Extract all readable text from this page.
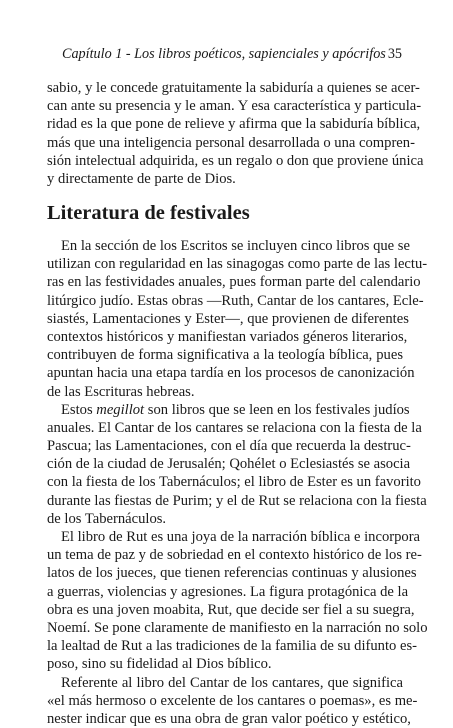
Capítulo 1 - Los libros poéticos, sapienciales y apócrifos 35
sabio, y le concede gratuitamente la sabiduría a quienes se acer-
can ante su presencia y le aman. Y esa característica y particula-
ridad es la que pone de relieve y afirma que la sabiduría bíblica,
más que una inteligencia personal desarrollada o una compren-
sión intelectual adquirida, es un regalo o don que proviene única
y directamente de parte de Dios.
Literatura de festivales
En la sección de los Escritos se incluyen cinco libros que se
utilizan con regularidad en las sinagogas como parte de las lectu-
ras en las festividades anuales, pues forman parte del calendario
litúrgico judío. Estas obras —Ruth, Cantar de los cantares, Ecle-
siastés, Lamentaciones y Ester—, que provienen de diferentes
contextos históricos y manifiestan variados géneros literarios,
contribuyen de forma significativa a la teología bíblica, pues
apuntan hacia una etapa tardía en los procesos de canonización
de las Escrituras hebreas.
Estos megillot son libros que se leen en los festivales judíos
anuales. El Cantar de los cantares se relaciona con la fiesta de la
Pascua; las Lamentaciones, con el día que recuerda la destruc-
ción de la ciudad de Jerusalén; Qohélet o Eclesiastés se asocia
con la fiesta de los Tabernáculos; el libro de Ester es un favorito
durante las fiestas de Purim; y el de Rut se relaciona con la fiesta
de los Tabernáculos.
El libro de Rut es una joya de la narración bíblica e incorpora
un tema de paz y de sobriedad en el contexto histórico de los re-
latos de los jueces, que tienen referencias continuas y alusiones
a guerras, violencias y agresiones. La figura protagónica de la
obra es una joven moabita, Rut, que decide ser fiel a su suegra,
Noemí. Se pone claramente de manifiesto en la narración no solo
la lealtad de Rut a las tradiciones de la familia de su difunto es-
poso, sino su fidelidad al Dios bíblico.
Referente al libro del Cantar de los cantares, que significa
«el más hermoso o excelente de los cantares o poemas», es me-
nester indicar que es una obra de gran valor poético y estético,
